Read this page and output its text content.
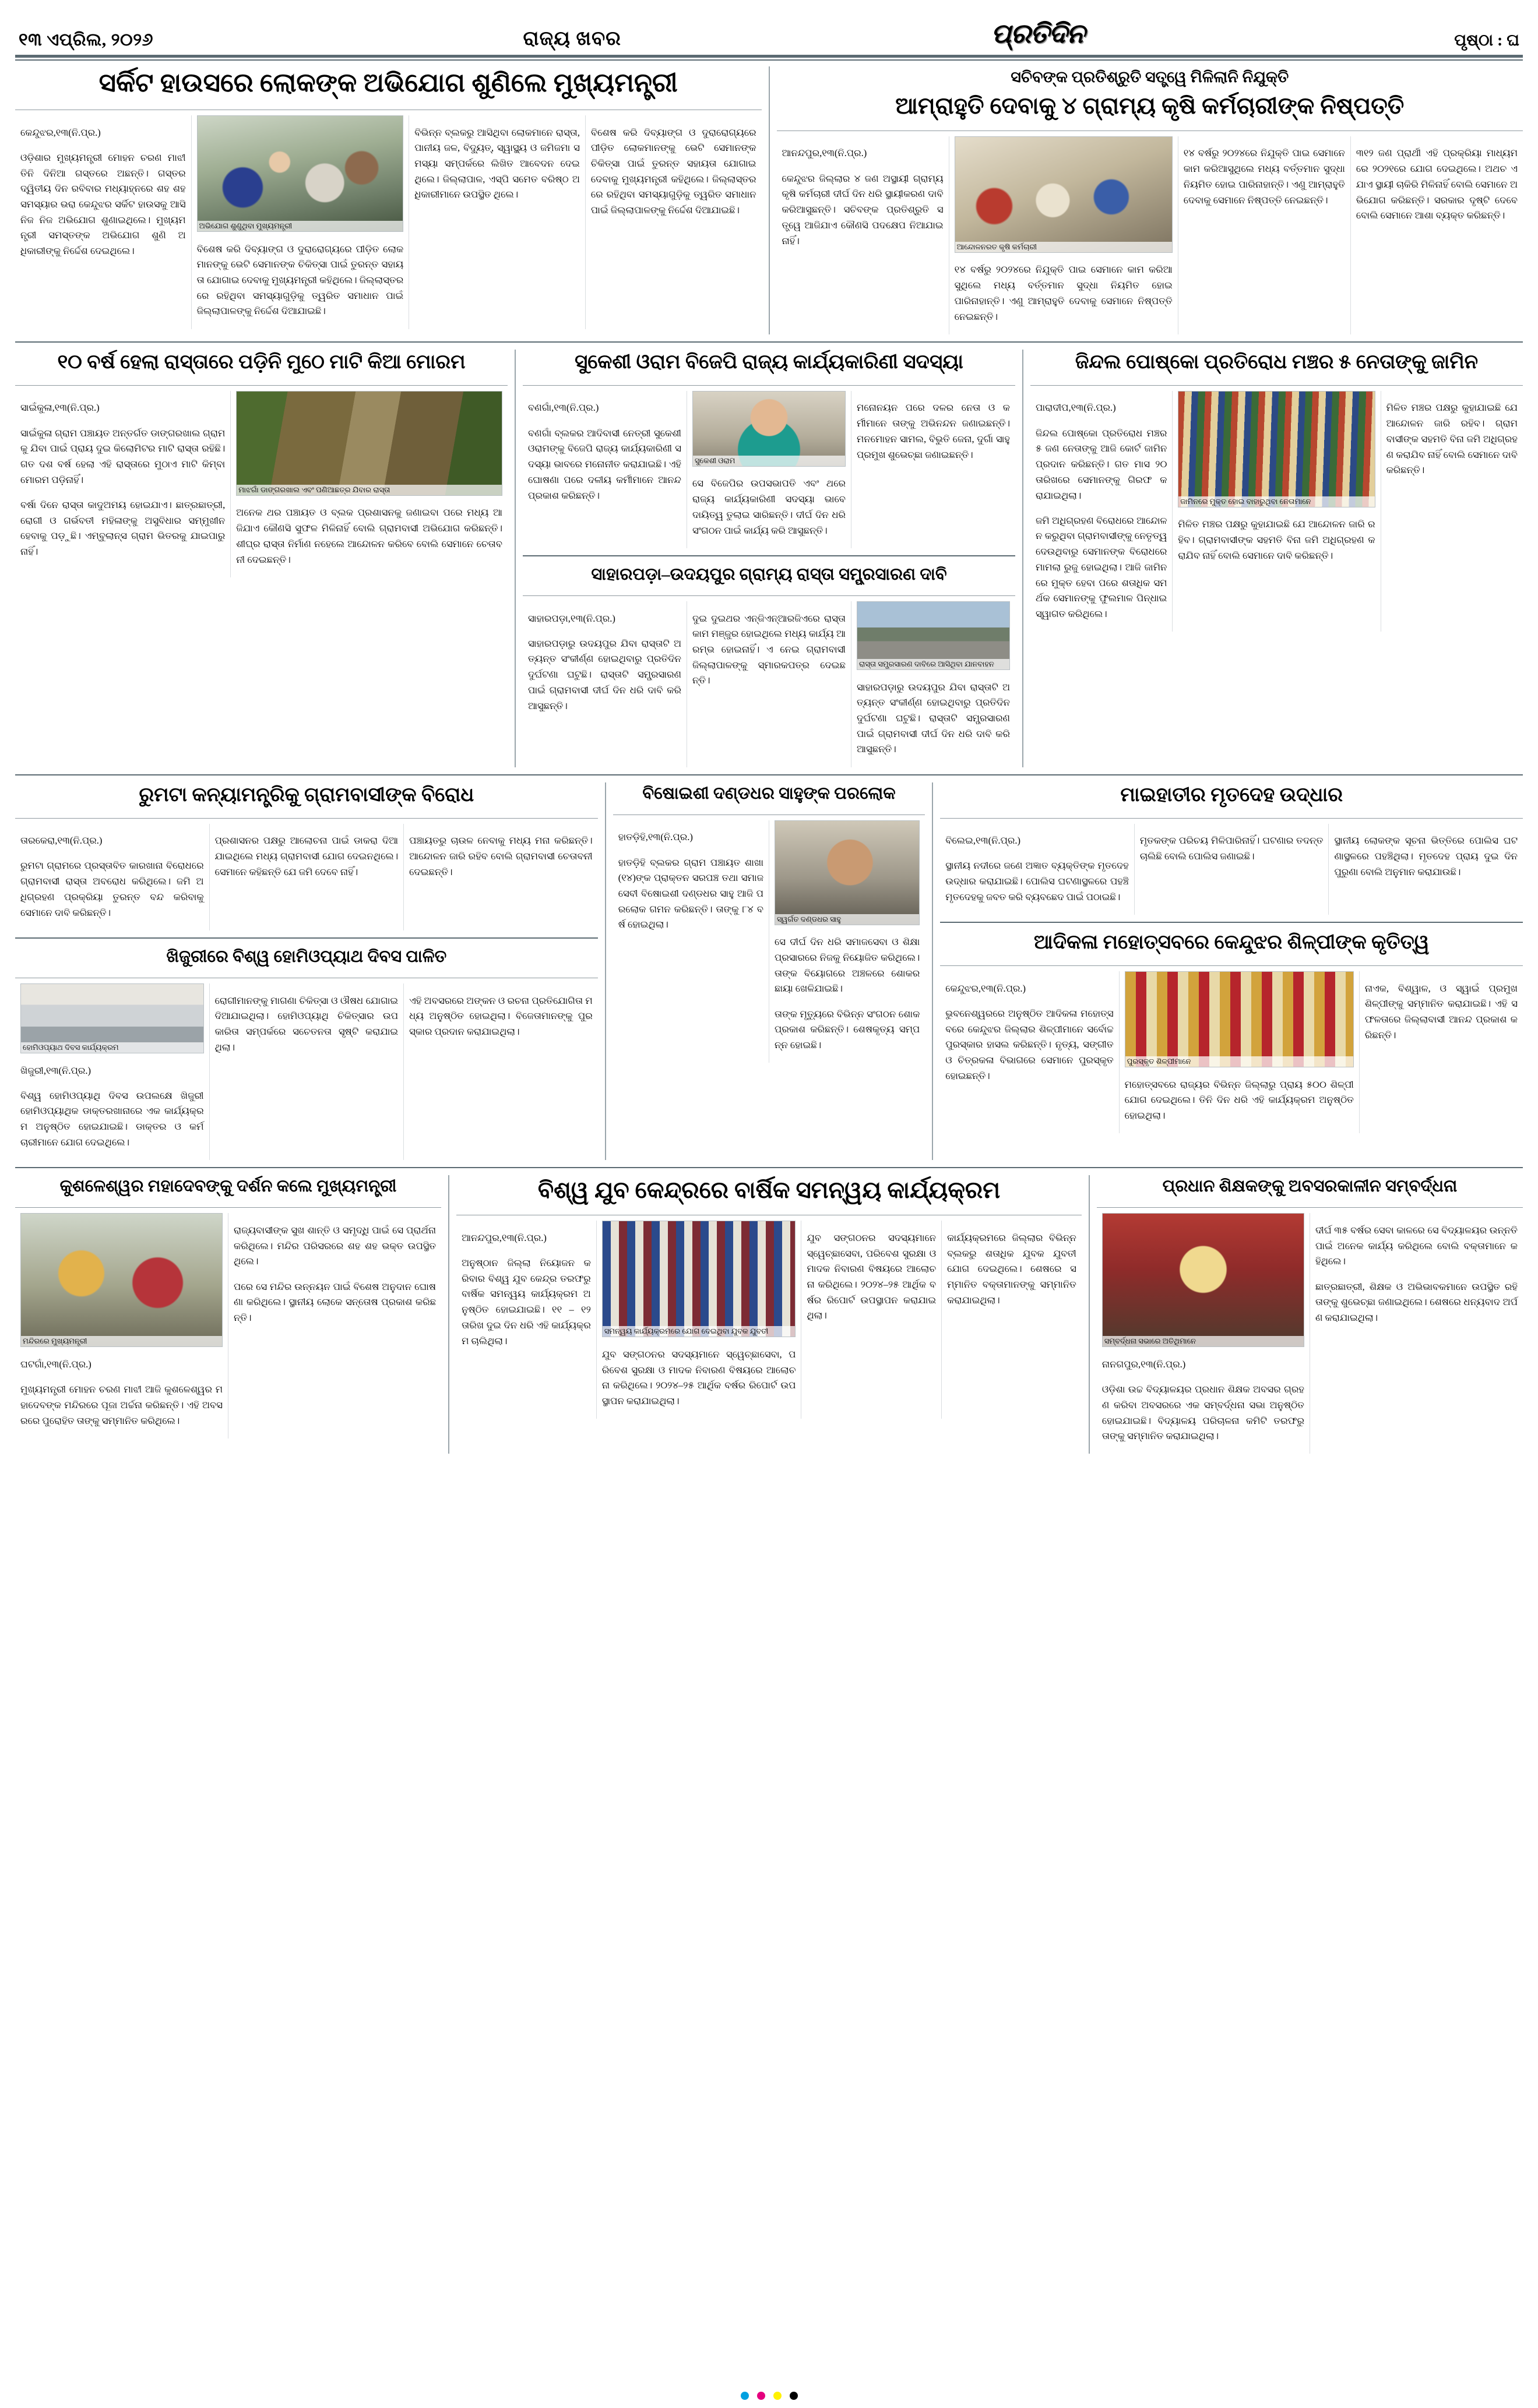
୧୩ ଏପ୍ରିଲ, ୨୦୨୬	ରାଜ୍ୟ ଖବର	ପ୍ରତିଦିନ	ପୃଷ୍ଠା : ଘ
ସର୍କିଟ ହାଉସରେ ଲୋକଙ୍କ ଅଭିଯୋଗ ଶୁଣିଲେ ମୁଖ୍ୟମନ୍ତ୍ରୀ

କେନ୍ଦୁଝର,୧୩(ନି.ପ୍ର.)

ଓଡ଼ିଶାର ମୁଖ୍ୟମନ୍ତ୍ରୀ ମୋହନ ଚରଣ ମାଝୀ ତିନି ଦିନିଆ ଗସ୍ତରେ ଅଛନ୍ତି। ଗସ୍ତର ଦ୍ୱିତୀୟ ଦିନ ରବିବାର ମଧ୍ୟାହ୍ନରେ ଶହ ଶହ ସମସ୍ୟାର ଭରା କେନ୍ଦୁଝର ସର୍କିଟ ହାଉସକୁ ଆସି ନିଜ ନିଜ ଅଭିଯୋଗ ଶୁଣାଇଥିଲେ। ମୁଖ୍ୟମନ୍ତ୍ରୀ ସମସ୍ତଙ୍କ ଅଭିଯୋଗ ଶୁଣି ଅଧିକାରୀଙ୍କୁ ନିର୍ଦ୍ଦେଶ ଦେଇଥିଲେ।

ଅଭିଯୋଗ ଶୁଣୁଥିବା ମୁଖ୍ୟମନ୍ତ୍ରୀ

ବିଶେଷ କରି ଦିବ୍ୟାଙ୍ଗ ଓ ଦୁରାରୋଗ୍ୟରେ ପୀଡ଼ିତ ଲୋକମାନଙ୍କୁ ଭେଟି ସେମାନଙ୍କ ଚିକିତ୍ସା ପାଇଁ ତୁରନ୍ତ ସହାୟତା ଯୋଗାଇ ଦେବାକୁ ମୁଖ୍ୟମନ୍ତ୍ରୀ କହିଥିଲେ। ଜିଲ୍ଲାସ୍ତରରେ ରହିଥିବା ସମସ୍ୟାଗୁଡ଼ିକୁ ତ୍ୱରିତ ସମାଧାନ ପାଇଁ ଜିଲ୍ଲାପାଳଙ୍କୁ ନିର୍ଦ୍ଦେଶ ଦିଆଯାଇଛି।

ବିଭିନ୍ନ ବ୍ଲକରୁ ଆସିଥିବା ଲୋକମାନେ ରାସ୍ତା, ପାନୀୟ ଜଳ, ବିଦ୍ୟୁତ୍, ସ୍ୱାସ୍ଥ୍ୟ ଓ ଜମିଜମା ସମସ୍ୟା ସମ୍ପର୍କରେ ଲିଖିତ ଆବେଦନ ଦେଇଥିଲେ। ଜିଲ୍ଲାପାଳ, ଏସ୍‌ପି ସମେତ ବରିଷ୍ଠ ଅଧିକାରୀମାନେ ଉପସ୍ଥିତ ଥିଲେ।

ବିଶେଷ କରି ଦିବ୍ୟାଙ୍ଗ ଓ ଦୁରାରୋଗ୍ୟରେ ପୀଡ଼ିତ ଲୋକମାନଙ୍କୁ ଭେଟି ସେମାନଙ୍କ ଚିକିତ୍ସା ପାଇଁ ତୁରନ୍ତ ସହାୟତା ଯୋଗାଇ ଦେବାକୁ ମୁଖ୍ୟମନ୍ତ୍ରୀ କହିଥିଲେ। ଜିଲ୍ଲାସ୍ତରରେ ରହିଥିବା ସମସ୍ୟାଗୁଡ଼ିକୁ ତ୍ୱରିତ ସମାଧାନ ପାଇଁ ଜିଲ୍ଲାପାଳଙ୍କୁ ନିର୍ଦ୍ଦେଶ ଦିଆଯାଇଛି।

ସଚିବଙ୍କ ପ୍ରତିଶ୍ରୁତି ସତ୍ତ୍ୱେ ମିଳିଲାନି ନିଯୁକ୍ତି
ଆମ୍ରାହୁତି ଦେବାକୁ ୪ ଗ୍ରାମ୍ୟ କୃଷି କର୍ମଚାରୀଙ୍କ ନିଷ୍ପତ୍ତି

ଆନନ୍ଦପୁର,୧୩(ନି.ପ୍ର.)

କେନ୍ଦୁଝର ଜିଲ୍ଲାର ୪ ଜଣ ଅସ୍ଥାୟୀ ଗ୍ରାମ୍ୟ କୃଷି କର୍ମଚାରୀ ଦୀର୍ଘ ଦିନ ଧରି ସ୍ଥାୟୀକରଣ ଦାବି କରିଆସୁଛନ୍ତି। ସଚିବଙ୍କ ପ୍ରତିଶ୍ରୁତି ସତ୍ତ୍ୱେ ଆଜିଯାଏ କୌଣସି ପଦକ୍ଷେପ ନିଆଯାଇନାହିଁ।

ଆନ୍ଦୋଳନରତ କୃଷି କର୍ମଚାରୀ

୧୪ ବର୍ଷରୁ ୨୦୨୪ରେ ନିଯୁକ୍ତି ପାଇ ସେମାନେ କାମ କରିଆସୁଥିଲେ ମଧ୍ୟ ବର୍ତ୍ତମାନ ସୁଦ୍ଧା ନିୟମିତ ହୋଇ ପାରିନାହାନ୍ତି। ଏଣୁ ଆମ୍ରାହୁତି ଦେବାକୁ ସେମାନେ ନିଷ୍ପତ୍ତି ନେଇଛନ୍ତି।

୧୪ ବର୍ଷରୁ ୨୦୨୪ରେ ନିଯୁକ୍ତି ପାଇ ସେମାନେ କାମ କରିଆସୁଥିଲେ ମଧ୍ୟ ବର୍ତ୍ତମାନ ସୁଦ୍ଧା ନିୟମିତ ହୋଇ ପାରିନାହାନ୍ତି। ଏଣୁ ଆମ୍ରାହୁତି ଦେବାକୁ ସେମାନେ ନିଷ୍ପତ୍ତି ନେଇଛନ୍ତି।

୩୧୨ ଜଣ ପ୍ରାର୍ଥୀ ଏହି ପ୍ରକ୍ରିୟା ମାଧ୍ୟମରେ ୨୦୨୧ରେ ଯୋଗ ଦେଇଥିଲେ। ଅଥଚ ଏଯାଏ ସ୍ଥାୟୀ ଚାକିରି ମିଳିନାହିଁ ବୋଲି ସେମାନେ ଅଭିଯୋଗ କରିଛନ୍ତି। ସରକାର ଦୃଷ୍ଟି ଦେବେ ବୋଲି ସେମାନେ ଆଶା ବ୍ୟକ୍ତ କରିଛନ୍ତି।

୧୦ ବର୍ଷ ହେଲା ରାସ୍ତାରେ ପଡ଼ିନି ମୁଠେ ମାଟି କିଆ ମୋରମ

ସାଇଁକୁଳା,୧୩(ନି.ପ୍ର.)

ସାଇଁକୁଳା ଗ୍ରାମ ପଞ୍ଚାୟତ ଅନ୍ତର୍ଗତ ଡାଙ୍ଗରଖାଲ ଗ୍ରାମକୁ ଯିବା ପାଇଁ ପ୍ରାୟ ଦୁଇ କିଲୋମିଟର ମାଟି ରାସ୍ତା ରହିଛି। ଗତ ଦଶ ବର୍ଷ ହେଲା ଏହି ରାସ୍ତାରେ ମୁଠାଏ ମାଟି କିମ୍ବା ମୋରମ ପଡ଼ିନାହିଁ।

ବର୍ଷା ଦିନେ ରାସ୍ତା କାଦୁଅମୟ ହୋଇଯାଏ। ଛାତ୍ରଛାତ୍ରୀ, ରୋଗୀ ଓ ଗର୍ଭବତୀ ମହିଳାଙ୍କୁ ଅସୁବିଧାର ସମ୍ମୁଖୀନ ହେବାକୁ ପଡ଼ୁଛି। ଏମ୍ବୁଲାନ୍ସ ଗ୍ରାମ ଭିତରକୁ ଯାଇପାରୁ ନାହିଁ।

ମାଝଗାଁ ଡାଙ୍ଗରଖାଲ ଏବଂ ପଣିଆଛତ୍ର ଯିବାର ରାସ୍ତା

ଅନେକ ଥର ପଞ୍ଚାୟତ ଓ ବ୍ଲକ ପ୍ରଶାସନକୁ ଜଣାଇବା ପରେ ମଧ୍ୟ ଆଜିଯାଏ କୌଣସି ସୁଫଳ ମିଳିନାହିଁ ବୋଲି ଗ୍ରାମବାସୀ ଅଭିଯୋଗ କରିଛନ୍ତି। ଶୀଘ୍ର ରାସ୍ତା ନିର୍ମାଣ ନହେଲେ ଆନ୍ଦୋଳନ କରିବେ ବୋଲି ସେମାନେ ଚେତାବନୀ ଦେଇଛନ୍ତି।

ସୁକେଶୀ ଓରାମ ବିଜେପି ରାଜ୍ୟ କାର୍ଯ୍ୟକାରିଣୀ ସଦସ୍ୟା

ବଣଗାଁ,୧୩(ନି.ପ୍ର.)

ବଣଗାଁ ବ୍ଲକର ଆଦିବାସୀ ନେତ୍ରୀ ସୁକେଶୀ ଓରାମଙ୍କୁ ବିଜେପି ରାଜ୍ୟ କାର୍ଯ୍ୟକାରିଣୀ ସଦସ୍ୟା ଭାବରେ ମନୋନୀତ କରାଯାଇଛି। ଏହି ଘୋଷଣା ପରେ ଦଳୀୟ କର୍ମୀମାନେ ଆନନ୍ଦ ପ୍ରକାଶ କରିଛନ୍ତି।

ସୁକେଶୀ ଓରାମ

ସେ ବିଜେପିର ଉପସଭାପତି ଏବଂ ଥରେ ରାଜ୍ୟ କାର୍ଯ୍ୟକାରିଣୀ ସଦସ୍ୟା ଭାବେ ଦାୟିତ୍ୱ ତୁଲାଇ ସାରିଛନ୍ତି। ଦୀର୍ଘ ଦିନ ଧରି ସଂଗଠନ ପାଇଁ କାର୍ଯ୍ୟ କରି ଆସୁଛନ୍ତି।

ମନୋନୟନ ପରେ ଦଳର ନେତା ଓ କର୍ମୀମାନେ ତାଙ୍କୁ ଅଭିନନ୍ଦନ ଜଣାଇଛନ୍ତି। ମନମୋହନ ସାମଲ, ବିଭୁତି ଜେନା, ଦୁର୍ଗା ସାହୁ ପ୍ରମୁଖ ଶୁଭେଚ୍ଛା ଜଣାଇଛନ୍ତି।

ସାହାରପଡ଼ା–ଉଦୟପୁର ଗ୍ରାମ୍ୟ ରାସ୍ତା ସମ୍ପ୍ରସାରଣ ଦାବି

ସାହାରପଡ଼ା,୧୩(ନି.ପ୍ର.)

ସାହାରପଡ଼ାରୁ ଉଦୟପୁର ଯିବା ରାସ୍ତାଟି ଅତ୍ୟନ୍ତ ସଂକୀର୍ଣ୍ଣ ହୋଇଥିବାରୁ ପ୍ରତିଦିନ ଦୁର୍ଘଟଣା ଘଟୁଛି। ରାସ୍ତାଟି ସମ୍ପ୍ରସାରଣ ପାଇଁ ଗ୍ରାମବାସୀ ଦୀର୍ଘ ଦିନ ଧରି ଦାବି କରି ଆସୁଛନ୍ତି।

ଦୁଇ ଦୁଇଥର ଏନ୍‌ଜିଏନ୍‌ଆରଜିଏରେ ରାସ୍ତା କାମ ମଞ୍ଜୁର ହୋଇଥିଲେ ମଧ୍ୟ କାର୍ଯ୍ୟ ଆରମ୍ଭ ହୋଇନାହିଁ। ଏ ନେଇ ଗ୍ରାମବାସୀ ଜିଲ୍ଲାପାଳଙ୍କୁ ସ୍ମାରକପତ୍ର ଦେଇଛନ୍ତି।

ରାସ୍ତା ସମ୍ପ୍ରସାରଣ ଦାବିରେ ଆସିଥିବା ଯାନବାହନ

ସାହାରପଡ଼ାରୁ ଉଦୟପୁର ଯିବା ରାସ୍ତାଟି ଅତ୍ୟନ୍ତ ସଂକୀର୍ଣ୍ଣ ହୋଇଥିବାରୁ ପ୍ରତିଦିନ ଦୁର୍ଘଟଣା ଘଟୁଛି। ରାସ୍ତାଟି ସମ୍ପ୍ରସାରଣ ପାଇଁ ଗ୍ରାମବାସୀ ଦୀର୍ଘ ଦିନ ଧରି ଦାବି କରି ଆସୁଛନ୍ତି।

ଜିନ୍ଦଲ ପୋଷ୍କୋ ପ୍ରତିରୋଧ ମଞ୍ଚର ୫ ନେତାଙ୍କୁ ଜାମିନ

ପାରାଦୀପ,୧୩(ନି.ପ୍ର.)

ଜିନ୍ଦଲ ପୋଷ୍କୋ ପ୍ରତିରୋଧ ମଞ୍ଚର ୫ ଜଣ ନେତାଙ୍କୁ ଆଜି କୋର୍ଟ ଜାମିନ ପ୍ରଦାନ କରିଛନ୍ତି। ଗତ ମାସ ୨୦ ତାରିଖରେ ସେମାନଙ୍କୁ ଗିରଫ କରାଯାଇଥିଲା।

ଜମି ଅଧିଗ୍ରହଣ ବିରୋଧରେ ଆନ୍ଦୋଳନ କରୁଥିବା ଗ୍ରାମବାସୀଙ୍କୁ ନେତୃତ୍ୱ ଦେଉଥିବାରୁ ସେମାନଙ୍କ ବିରୋଧରେ ମାମଲା ରୁଜୁ ହୋଇଥିଲା। ଆଜି ଜାମିନରେ ମୁକ୍ତ ହେବା ପରେ ଶତାଧିକ ସମର୍ଥକ ସେମାନଙ୍କୁ ଫୁଲମାଳ ପିନ୍ଧାଇ ସ୍ୱାଗତ କରିଥିଲେ।

ଜାମିନରେ ମୁକ୍ତ ହୋଇ ବାହାରୁଥିବା ନେତାମାନେ

ମିଳିତ ମଞ୍ଚର ପକ୍ଷରୁ କୁହାଯାଇଛି ଯେ ଆନ୍ଦୋଳନ ଜାରି ରହିବ। ଗ୍ରାମବାସୀଙ୍କ ସହମତି ବିନା ଜମି ଅଧିଗ୍ରହଣ କରାଯିବ ନାହିଁ ବୋଲି ସେମାନେ ଦାବି କରିଛନ୍ତି।

ମିଳିତ ମଞ୍ଚର ପକ୍ଷରୁ କୁହାଯାଇଛି ଯେ ଆନ୍ଦୋଳନ ଜାରି ରହିବ। ଗ୍ରାମବାସୀଙ୍କ ସହମତି ବିନା ଜମି ଅଧିଗ୍ରହଣ କରାଯିବ ନାହିଁ ବୋଲି ସେମାନେ ଦାବି କରିଛନ୍ତି।

ରୁମଟା କନ୍ୟାମନ୍ତ୍ରିକୁ ଗ୍ରାମବାସୀଙ୍କ ବିରୋଧ

ତାରକେରା,୧୩(ନି.ପ୍ର.)

ରୁମଟା ଗ୍ରାମରେ ପ୍ରସ୍ତାବିତ କାରଖାନା ବିରୋଧରେ ଗ୍ରାମବାସୀ ରାସ୍ତା ଅବରୋଧ କରିଥିଲେ। ଜମି ଅଧିଗ୍ରହଣ ପ୍ରକ୍ରିୟା ତୁରନ୍ତ ବନ୍ଦ କରିବାକୁ ସେମାନେ ଦାବି କରିଛନ୍ତି।

ପ୍ରଶାସନର ପକ୍ଷରୁ ଆଲୋଚନା ପାଇଁ ଡାକରା ଦିଆଯାଇଥିଲେ ମଧ୍ୟ ଗ୍ରାମବାସୀ ଯୋଗ ଦେଇନଥିଲେ। ସେମାନେ କହିଛନ୍ତି ଯେ ଜମି ଦେବେ ନାହିଁ।

ପଞ୍ଚାୟତରୁ ଚାଉଳ ନେବାକୁ ମଧ୍ୟ ମନା କରିଛନ୍ତି। ଆନ୍ଦୋଳନ ଜାରି ରହିବ ବୋଲି ଗ୍ରାମବାସୀ ଚେତାବନୀ ଦେଇଛନ୍ତି।

ଖିଜୁରୀରେ ବିଶ୍ୱ ହୋମିଓପ୍ୟାଥ ଦିବସ ପାଳିତ
ହୋମିଓପ୍ୟାଥ ଦିବସ କାର୍ଯ୍ୟକ୍ରମ

ଖିଜୁରୀ,୧୩(ନି.ପ୍ର.)

ବିଶ୍ୱ ହୋମିଓପ୍ୟାଥି ଦିବସ ଉପଲକ୍ଷେ ଖିଜୁରୀ ହୋମିଓପ୍ୟାଥିକ ଡାକ୍ତରଖାନାରେ ଏକ କାର୍ଯ୍ୟକ୍ରମ ଅନୁଷ୍ଠିତ ହୋଇଯାଇଛି। ଡାକ୍ତର ଓ କର୍ମଚାରୀମାନେ ଯୋଗ ଦେଇଥିଲେ।

ରୋଗୀମାନଙ୍କୁ ମାଗଣା ଚିକିତ୍ସା ଓ ଔଷଧ ଯୋଗାଇ ଦିଆଯାଇଥିଲା। ହୋମିଓପ୍ୟାଥି ଚିକିତ୍ସାର ଉପକାରିତା ସମ୍ପର୍କରେ ସଚେତନତା ସୃଷ୍ଟି କରାଯାଇଥିଲା।

ଏହି ଅବସରରେ ଅଙ୍କନ ଓ ରଚନା ପ୍ରତିଯୋଗିତା ମଧ୍ୟ ଅନୁଷ୍ଠିତ ହୋଇଥିଲା। ବିଜେତାମାନଙ୍କୁ ପୁରସ୍କାର ପ୍ରଦାନ କରାଯାଇଥିଲା।

ବିଷୋଇଶୀ ଦଣ୍ଡଧର ସାହୁଙ୍କ ପରଲୋକ

ହାତଡ଼ିହି,୧୩(ନି.ପ୍ର.)

ହାତଡ଼ିହି ବ୍ଲକର ଗ୍ରାମ ପଞ୍ଚାୟତ ଶାଖା (୧୪)ଙ୍କ ପ୍ରାକ୍ତନ ସରପଞ୍ଚ ତଥା ସମାଜସେବୀ ବିଷୋଇଶୀ ଦଣ୍ଡଧର ସାହୁ ଆଜି ପରଲୋକ ଗମନ କରିଛନ୍ତି। ତାଙ୍କୁ ୮୪ ବର୍ଷ ହୋଇଥିଲା।

ସ୍ୱର୍ଗତ ଦଣ୍ଡଧର ସାହୁ

ସେ ଦୀର୍ଘ ଦିନ ଧରି ସମାଜସେବା ଓ ଶିକ୍ଷା ପ୍ରସାରରେ ନିଜକୁ ନିୟୋଜିତ କରିଥିଲେ। ତାଙ୍କ ବିୟୋଗରେ ଅଞ୍ଚଳରେ ଶୋକର ଛାୟା ଖେଳିଯାଇଛି।

ତାଙ୍କ ମୃତ୍ୟୁରେ ବିଭିନ୍ନ ସଂଗଠନ ଶୋକ ପ୍ରକାଶ କରିଛନ୍ତି। ଶେଷକୃତ୍ୟ ସମ୍ପନ୍ନ ହୋଇଛି।

ମାଇହାତୀର ମୃତଦେହ ଉଦ୍ଧାର

ବିଲେଇ,୧୩(ନି.ପ୍ର.)

ସ୍ଥାନୀୟ ନଦୀରେ ଜଣେ ଅଜ୍ଞାତ ବ୍ୟକ୍ତିଙ୍କ ମୃତଦେହ ଉଦ୍ଧାର କରାଯାଇଛି। ପୋଲିସ ଘଟଣାସ୍ଥଳରେ ପହଞ୍ଚି ମୃତଦେହକୁ ଜବତ କରି ବ୍ୟବଛେଦ ପାଇଁ ପଠାଇଛି।

ମୃତକଙ୍କ ପରିଚୟ ମିଳିପାରିନାହିଁ। ଘଟଣାର ତଦନ୍ତ ଚାଲିଛି ବୋଲି ପୋଲିସ ଜଣାଇଛି।

ସ୍ଥାନୀୟ ଲୋକଙ୍କ ସୂଚନା ଭିତ୍ତିରେ ପୋଲିସ ଘଟଣାସ୍ଥଳରେ ପହଞ୍ଚିଥିଲା। ମୃତଦେହ ପ୍ରାୟ ଦୁଇ ଦିନ ପୁରୁଣା ବୋଲି ଅନୁମାନ କରାଯାଉଛି।

ଆଦିକଳା ମହୋତ୍ସବରେ କେନ୍ଦୁଝର ଶିଳ୍ପୀଙ୍କ କୃତିତ୍ୱ

କେନ୍ଦୁଝର,୧୩(ନି.ପ୍ର.)

ଭୁବନେଶ୍ୱରରେ ଅନୁଷ୍ଠିତ ଆଦିକଳା ମହୋତ୍ସବରେ କେନ୍ଦୁଝର ଜିଲ୍ଲାର ଶିଳ୍ପୀମାନେ ସର୍ବୋଚ୍ଚ ପୁରସ୍କାର ହାସଲ କରିଛନ୍ତି। ନୃତ୍ୟ, ସଙ୍ଗୀତ ଓ ଚିତ୍ରକଳା ବିଭାଗରେ ସେମାନେ ପୁରସ୍କୃତ ହୋଇଛନ୍ତି।

ପୁରସ୍କୃତ ଶିଳ୍ପୀମାନେ

ମହୋତ୍ସବରେ ରାଜ୍ୟର ବିଭିନ୍ନ ଜିଲ୍ଲାରୁ ପ୍ରାୟ ୫୦୦ ଶିଳ୍ପୀ ଯୋଗ ଦେଇଥିଲେ। ତିନି ଦିନ ଧରି ଏହି କାର୍ଯ୍ୟକ୍ରମ ଅନୁଷ୍ଠିତ ହୋଇଥିଲା।

ନାଏକ, ବିଶ୍ୱାଳ, ଓ ସ୍ୱାଇଁ ପ୍ରମୁଖ ଶିଳ୍ପୀଙ୍କୁ ସମ୍ମାନିତ କରାଯାଇଛି। ଏହି ସଫଳତାରେ ଜିଲ୍ଲାବାସୀ ଆନନ୍ଦ ପ୍ରକାଶ କରିଛନ୍ତି।

କୁଶଳେଶ୍ୱର ମହାଦେବଙ୍କୁ ଦର୍ଶନ କଲେ ମୁଖ୍ୟମନ୍ତ୍ରୀ
ମନ୍ଦିରରେ ମୁଖ୍ୟମନ୍ତ୍ରୀ

ଘଟଗାଁ,୧୩(ନି.ପ୍ର.)

ମୁଖ୍ୟମନ୍ତ୍ରୀ ମୋହନ ଚରଣ ମାଝୀ ଆଜି କୁଶଳେଶ୍ୱର ମହାଦେବଙ୍କ ମନ୍ଦିରରେ ପୂଜା ଅର୍ଚ୍ଚନା କରିଛନ୍ତି। ଏହି ଅବସରରେ ପୁରୋହିତ ତାଙ୍କୁ ସମ୍ମାନିତ କରିଥିଲେ।

ରାଜ୍ୟବାସୀଙ୍କ ସୁଖ ଶାନ୍ତି ଓ ସମୃଦ୍ଧି ପାଇଁ ସେ ପ୍ରାର୍ଥନା କରିଥିଲେ। ମନ୍ଦିର ପରିସରରେ ଶହ ଶହ ଭକ୍ତ ଉପସ୍ଥିତ ଥିଲେ।

ପରେ ସେ ମନ୍ଦିର ଉନ୍ନୟନ ପାଇଁ ବିଶେଷ ଅନୁଦାନ ଘୋଷଣା କରିଥିଲେ। ସ୍ଥାନୀୟ ଲୋକେ ସନ୍ତୋଷ ପ୍ରକାଶ କରିଛନ୍ତି।

ବିଶ୍ୱ ଯୁବ କେନ୍ଦ୍ରରେ ବାର୍ଷିକ ସମନ୍ୱୟ କାର୍ଯ୍ୟକ୍ରମ

ଆନନ୍ଦପୁର,୧୩(ନି.ପ୍ର.)

ଅନୁଷ୍ଠାନ ଜିଲ୍ଲା ନିୟୋଜନ କରିବାର ବିଶ୍ୱ ଯୁବ କେନ୍ଦ୍ର ତରଫରୁ ବାର୍ଷିକ ସମନ୍ୱୟ କାର୍ଯ୍ୟକ୍ରମ ଅନୁଷ୍ଠିତ ହୋଇଯାଇଛି। ୧୧ – ୧୨ ତାରିଖ ଦୁଇ ଦିନ ଧରି ଏହି କାର୍ଯ୍ୟକ୍ରମ ଚାଲିଥିଲା।

ସମନ୍ୱୟ କାର୍ଯ୍ୟକ୍ରମରେ ଯୋଗ ଦେଇଥିବା ଯୁବକ ଯୁବତୀ

ଯୁବ ସଙ୍ଗଠନର ସଦସ୍ୟମାନେ ସ୍ୱେଚ୍ଛାସେବା, ପରିବେଶ ସୁରକ୍ଷା ଓ ମାଦକ ନିବାରଣ ବିଷୟରେ ଆଲୋଚନା କରିଥିଲେ। ୨୦୨୪–୨୫ ଆର୍ଥିକ ବର୍ଷର ରିପୋର୍ଟ ଉପସ୍ଥାପନ କରାଯାଇଥିଲା।

ଯୁବ ସଙ୍ଗଠନର ସଦସ୍ୟମାନେ ସ୍ୱେଚ୍ଛାସେବା, ପରିବେଶ ସୁରକ୍ଷା ଓ ମାଦକ ନିବାରଣ ବିଷୟରେ ଆଲୋଚନା କରିଥିଲେ। ୨୦୨୪–୨୫ ଆର୍ଥିକ ବର୍ଷର ରିପୋର୍ଟ ଉପସ୍ଥାପନ କରାଯାଇଥିଲା।

କାର୍ଯ୍ୟକ୍ରମରେ ଜିଲ୍ଲାର ବିଭିନ୍ନ ବ୍ଲକରୁ ଶତାଧିକ ଯୁବକ ଯୁବତୀ ଯୋଗ ଦେଇଥିଲେ। ଶେଷରେ ସମ୍ମାନିତ ବକ୍ତାମାନଙ୍କୁ ସମ୍ମାନିତ କରାଯାଇଥିଲା।

ପ୍ରଧାନ ଶିକ୍ଷକଙ୍କୁ ଅବସରକାଳୀନ ସମ୍ବର୍ଦ୍ଧନା
ସମ୍ବର୍ଦ୍ଧନା ସଭାରେ ଅତିଥିମାନେ

ନାନଗପୁର,୧୩(ନି.ପ୍ର.)

ଓଡ଼ିଶା ଉଚ୍ଚ ବିଦ୍ୟାଳୟର ପ୍ରଧାନ ଶିକ୍ଷକ ଅବସର ଗ୍ରହଣ କରିବା ଅବସରରେ ଏକ ସମ୍ବର୍ଦ୍ଧନା ସଭା ଅନୁଷ୍ଠିତ ହୋଇଯାଇଛି। ବିଦ୍ୟାଳୟ ପରିଚାଳନା କମିଟି ତରଫରୁ ତାଙ୍କୁ ସମ୍ମାନିତ କରାଯାଇଥିଲା।

ଦୀର୍ଘ ୩୫ ବର୍ଷର ସେବା କାଳରେ ସେ ବିଦ୍ୟାଳୟର ଉନ୍ନତି ପାଇଁ ଅନେକ କାର୍ଯ୍ୟ କରିଥିଲେ ବୋଲି ବକ୍ତାମାନେ କହିଥିଲେ।

ଛାତ୍ରଛାତ୍ରୀ, ଶିକ୍ଷକ ଓ ଅଭିଭାବକମାନେ ଉପସ୍ଥିତ ରହି ତାଙ୍କୁ ଶୁଭେଚ୍ଛା ଜଣାଇଥିଲେ। ଶେଷରେ ଧନ୍ୟବାଦ ଅର୍ପଣ କରାଯାଇଥିଲା।
